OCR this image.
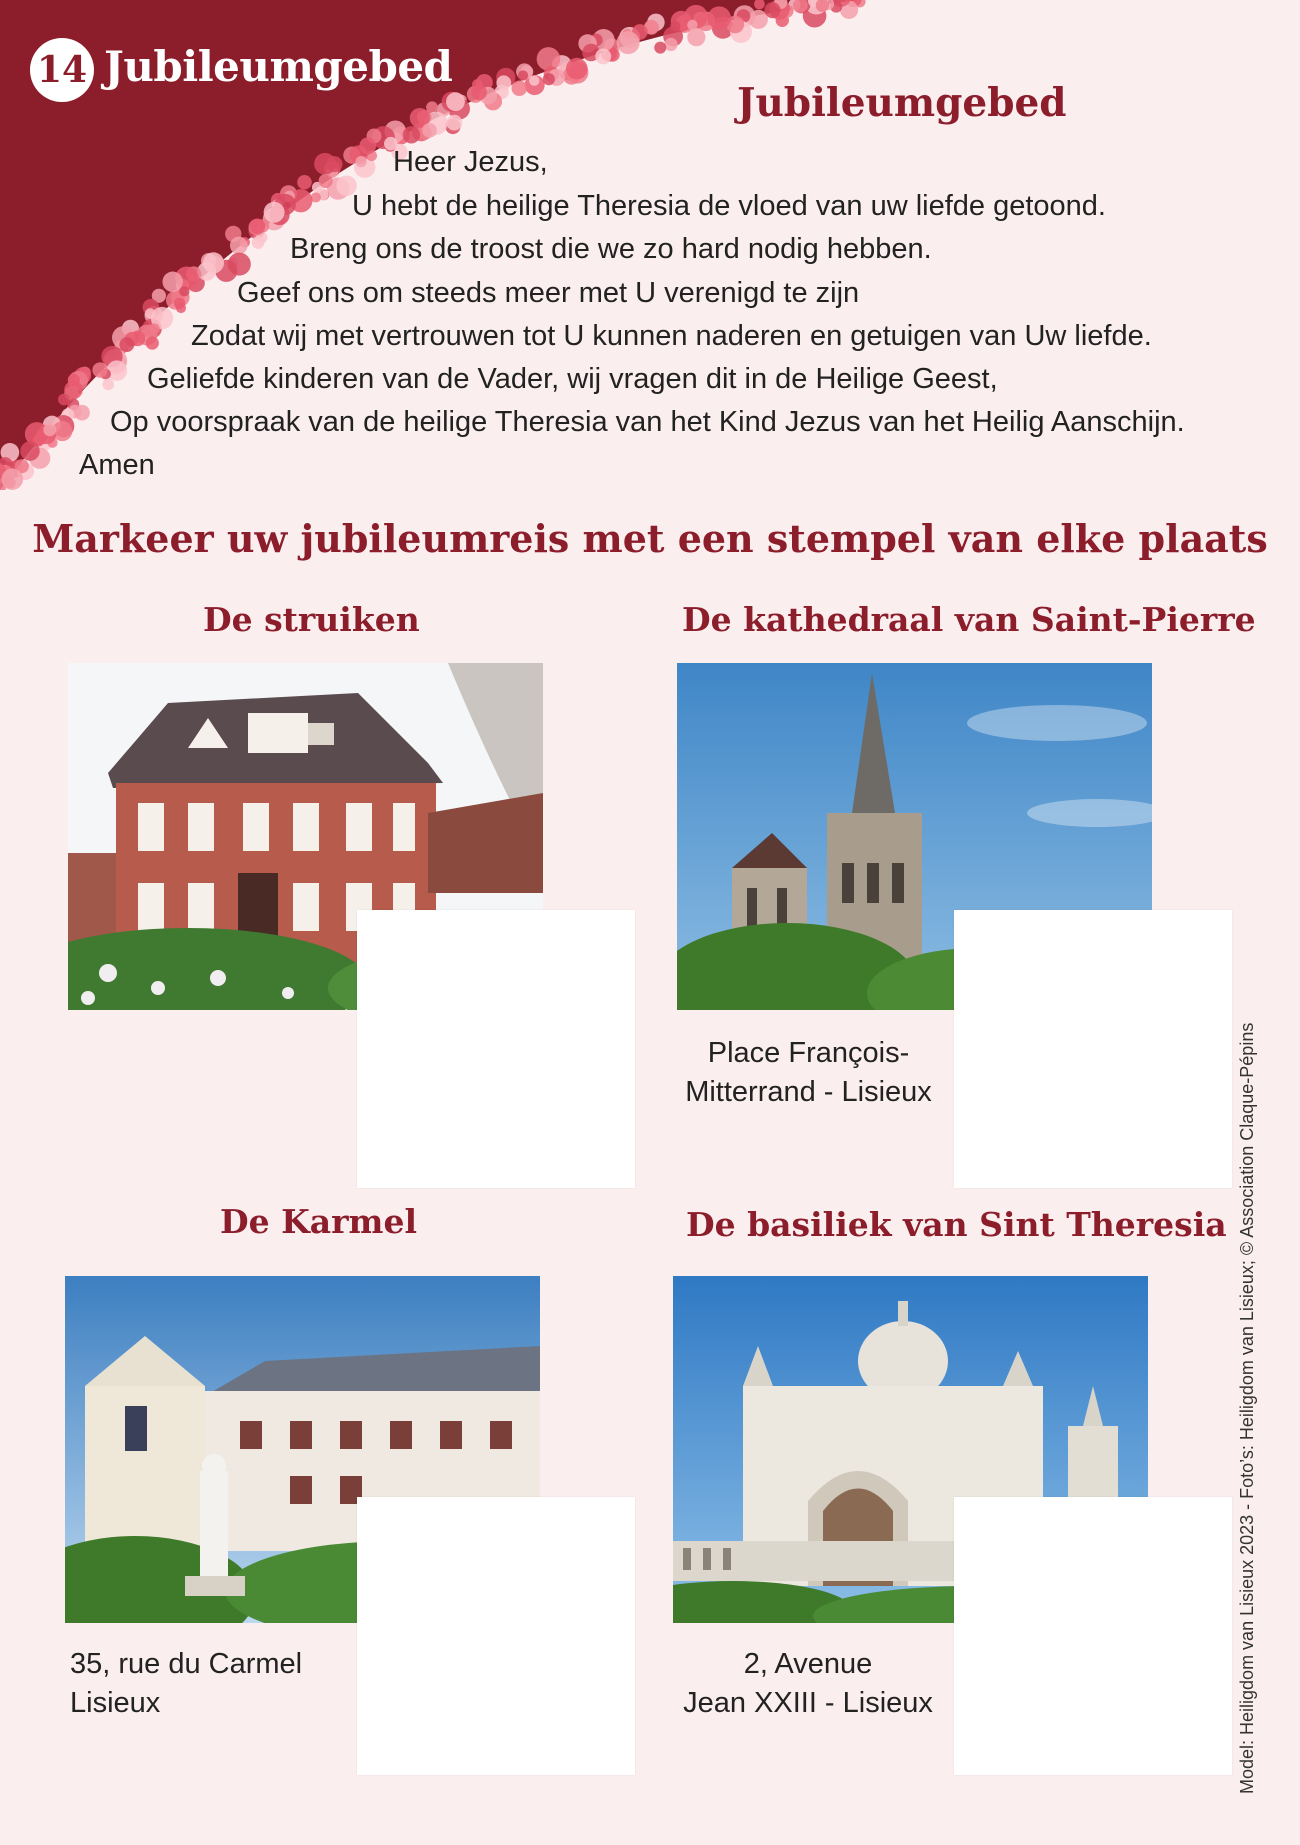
14 Jubileumgebed
Jubileumgebed

Heer Jezus,

U hebt de heilige Theresia de vloed van uw liefde getoond.

Breng ons de troost die we zo hard nodig hebben.

Geef ons om steeds meer met U verenigd te zijn

Zodat wij met vertrouwen tot U kunnen naderen en getuigen van Uw liefde.

Geliefde kinderen van de Vader, wij vragen dit in de Heilige Geest,

Op voorspraak van de heilige Theresia van het Kind Jezus van het Heilig Aanschijn.

Amen

Markeer uw jubileumreis met een stempel van elke plaats
De struiken	De kathedraal van Saint-Pierre

Place François-
Mitterrand - Lisieux

De Karmel

35, rue du Carmel
Lisieux

De basiliek van Sint Theresia

2, Avenue
Jean XXIII - Lisieux	Model: Heiligdom van Lisieux 2023 - Foto’s: Heiligdom van Lisieux; © Association Claque-Pépins
